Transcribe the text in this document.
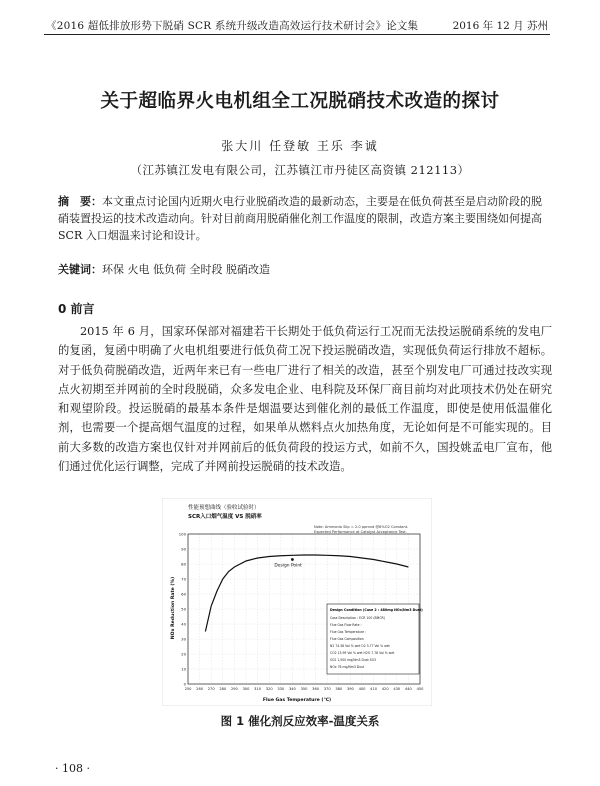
《2016 超低排放形势下脱硝 SCR 系统升级改造高效运行技术研讨会》论文集	2016 年 12 月 苏州
关于超临界火电机组全工况脱硝技术改造的探讨
张大川 任登敏 王乐 李诚
（江苏镇江发电有限公司，江苏镇江市丹徒区高资镇 212113）
摘　要：本文重点讨论国内近期火电行业脱硝改造的最新动态，主要是在低负荷甚至是启动阶段的脱硝装置投运的技术改造动向。针对目前商用脱硝催化剂工作温度的限制，改造方案主要围绕如何提高 SCR 入口烟温来讨论和设计。
关键词：环保 火电 低负荷 全时段 脱硝改造
0 前言
2015 年 6 月，国家环保部对福建若干长期处于低负荷运行工况而无法投运脱硝系统的发电厂的复函，复函中明确了火电机组要进行低负荷工况下投运脱硝改造，实现低负荷运行排放不超标。对于低负荷脱硝改造，近两年来已有一些电厂进行了相关的改造，甚至个别发电厂可通过技改实现点火初期至并网前的全时段脱硝，众多发电企业、电科院及环保厂商目前均对此项技术仍处在研究和观望阶段。投运脱硝的最基本条件是烟温要达到催化剂的最低工作温度，即使是使用低温催化剂，也需要一个提高烟气温度的过程，如果单从燃料点火加热角度，无论如何是不可能实现的。目前大多数的改造方案也仅针对并网前后的低负荷段的投运方式，如前不久，国投姚孟电厂宣布，他们通过优化运行调整，完成了并网前投运脱硝的技术改造。
性能预想曲线（验收试验时）
SCR入口烟气温度 VS 脱硝率
Note: Ammonia Slip = 2.0 ppmvd @6%O2 Constant.
Expected Performance at Catalyst Acceptance Test.
0
10
20
30
40
50
60
70
80
90
100
250 260 270 280 290 300 310 320 330 340 350 360 370 380 390 400 410 420 430 440 450
Design Point
Design Condition (Case 2 : 480mg NOx/Nm3 Dust)
Case Description : ECR 100 (BMCR)
Flue Gas Flow Rate :
Flue Gas Temperature :
Flue Gas Composition
N2 74.38 Vol % wet O2 3.77 Vol % wet
CO2 13.99 Vol % wet H2O 7.78 Vol % wet
SO2 1,500 mg/Nm3 Dust SO3
NOx 76 mg/Nm3 Dust
Flue Gas Temperature (℃)
NOx Reduction Rate (%)
图 1 催化剂反应效率-温度关系
· 108 ·
